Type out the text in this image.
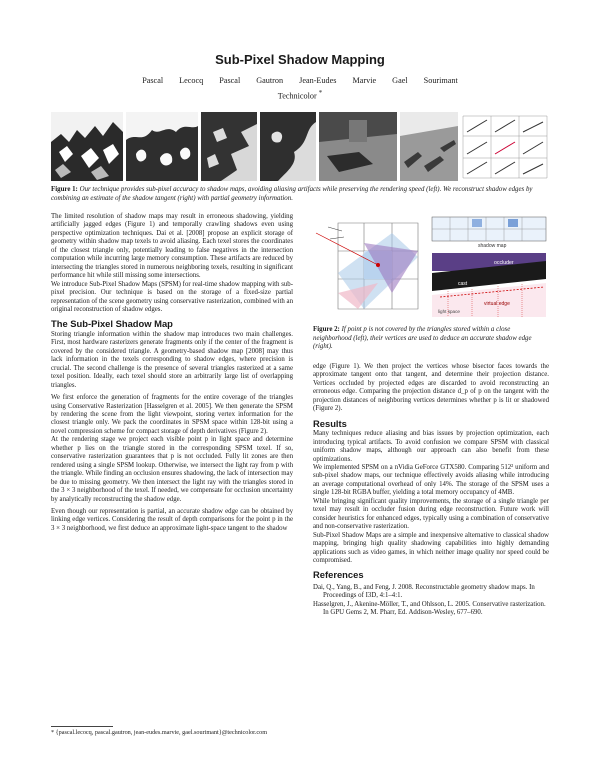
Sub-Pixel Shadow Mapping
Pascal Lecocq Pascal Gautron Jean-Eudes Marvie Gael Sourimant
Technicolor *
Figure 1: Our technique provides sub-pixel accuracy to shadow maps, avoiding aliasing artifacts while preserving the rendering speed (left). We reconstruct shadow edges by combining an estimate of the shadow tangent (right) with partial geometry information.

The limited resolution of shadow maps may result in erroneous shadowing, yielding artificially jagged edges (Figure 1) and temporally crawling shadows even using perspective optimization techniques. Dai et al. [2008] propose an explicit storage of geometry within shadow map texels to avoid aliasing. Each texel stores the coordinates of the closest triangle only, potentially leading to false negatives in the intersection computation while incurring large memory consumption. These artifacts are reduced by intersecting the triangles stored in numerous neighboring texels, resulting in significant performance hit while still missing some intersections.

We introduce Sub-Pixel Shadow Maps (SPSM) for real-time shadow mapping with sub-pixel precision. Our technique is based on the storage of a fixed-size partial representation of the scene geometry using conservative rasterization, combined with an original reconstruction of shadow edges.

The Sub-Pixel Shadow Map

Storing triangle information within the shadow map introduces two main challenges. First, most hardware rasterizers generate fragments only if the center of the fragment is covered by the considered triangle. A geometry-based shadow map [2008] may thus lack information in the texels corresponding to shadow edges, where precision is crucial. The second challenge is the presence of several triangles rasterized at a same texel position. Ideally, each texel should store an arbitrarily large list of overlapping triangles.

We first enforce the generation of fragments for the entire coverage of the triangles using Conservative Rasterization [Hasselgren et al. 2005]. We then generate the SPSM by rendering the scene from the light viewpoint, storing vertex information for the closest triangle only. We pack the coordinates in SPSM space within 128-bit using a novel compression scheme for compact storage of depth derivatives (Figure 2).

At the rendering stage we project each visible point p in light space and determine whether p lies on the triangle stored in the corresponding SPSM texel. If so, conservative rasterization guarantees that p is not occluded. Fully lit zones are then rendered using a single SPSM lookup. Otherwise, we intersect the light ray from p with the triangle. While finding an occlusion ensures shadowing, the lack of intersection may be due to missing geometry. We then intersect the light ray with the triangles stored in the 3 × 3 neighborhood of the texel. If needed, we compensate for occlusion uncertainty by analytically reconstructing the shadow edge.

Even though our representation is partial, an accurate shadow edge can be obtained by linking edge vertices. Considering the result of depth comparisons for the point p in the 3 × 3 neighborhood, we first deduce an approximate light-space tangent to the shadow

* {pascal.lecocq, pascal.gautron, jean-eudes.marvie, gael.sourimant}@technicolor.com
shadow map
occluder
cast
virtual edge
light space
Figure 2: If point p is not covered by the triangles stored within a close neighborhood (left), their vertices are used to deduce an accurate shadow edge (right).

edge (Figure 1). We then project the vertices whose bisector faces towards the approximate tangent onto that tangent, and determine their projection distance. Vertices occluded by projected edges are discarded to avoid reconstructing an erroneous edge. Comparing the projection distance d_p of p on the tangent with the projection distances of neighboring vertices determines whether p is lit or shadowed (Figure 2).

Results

Many techniques reduce aliasing and bias issues by projection optimization, each introducing typical artifacts. To avoid confusion we compare SPSM with classical uniform shadow maps, although our approach can also benefit from these optimizations.

We implemented SPSM on a nVidia GeForce GTX580. Comparing 512² uniform and sub-pixel shadow maps, our technique effectively avoids aliasing while introducing an average computational overhead of only 14%. The storage of the SPSM uses a single 128-bit RGBA buffer, yielding a total memory occupancy of 4MB.

While bringing significant quality improvements, the storage of a single triangle per texel may result in occluder fusion during edge reconstruction. Future work will consider heuristics for enhanced edges, typically using a combination of conservative and non-conservative rasterization.

Sub-Pixel Shadow Maps are a simple and inexpensive alternative to classical shadow mapping, bringing high quality shadowing capabilities into highly demanding applications such as video games, in which neither image quality nor speed could be compromised.

References

Dai, Q., Yang, B., and Feng, J. 2008. Reconstructable geometry shadow maps. In Proceedings of I3D, 4:1–4:1.

Hasselgren, J., Akenine-Möller, T., and Ohlsson, L. 2005. Conservative rasterization. In GPU Gems 2, M. Pharr, Ed. Addison-Wesley, 677–690.
